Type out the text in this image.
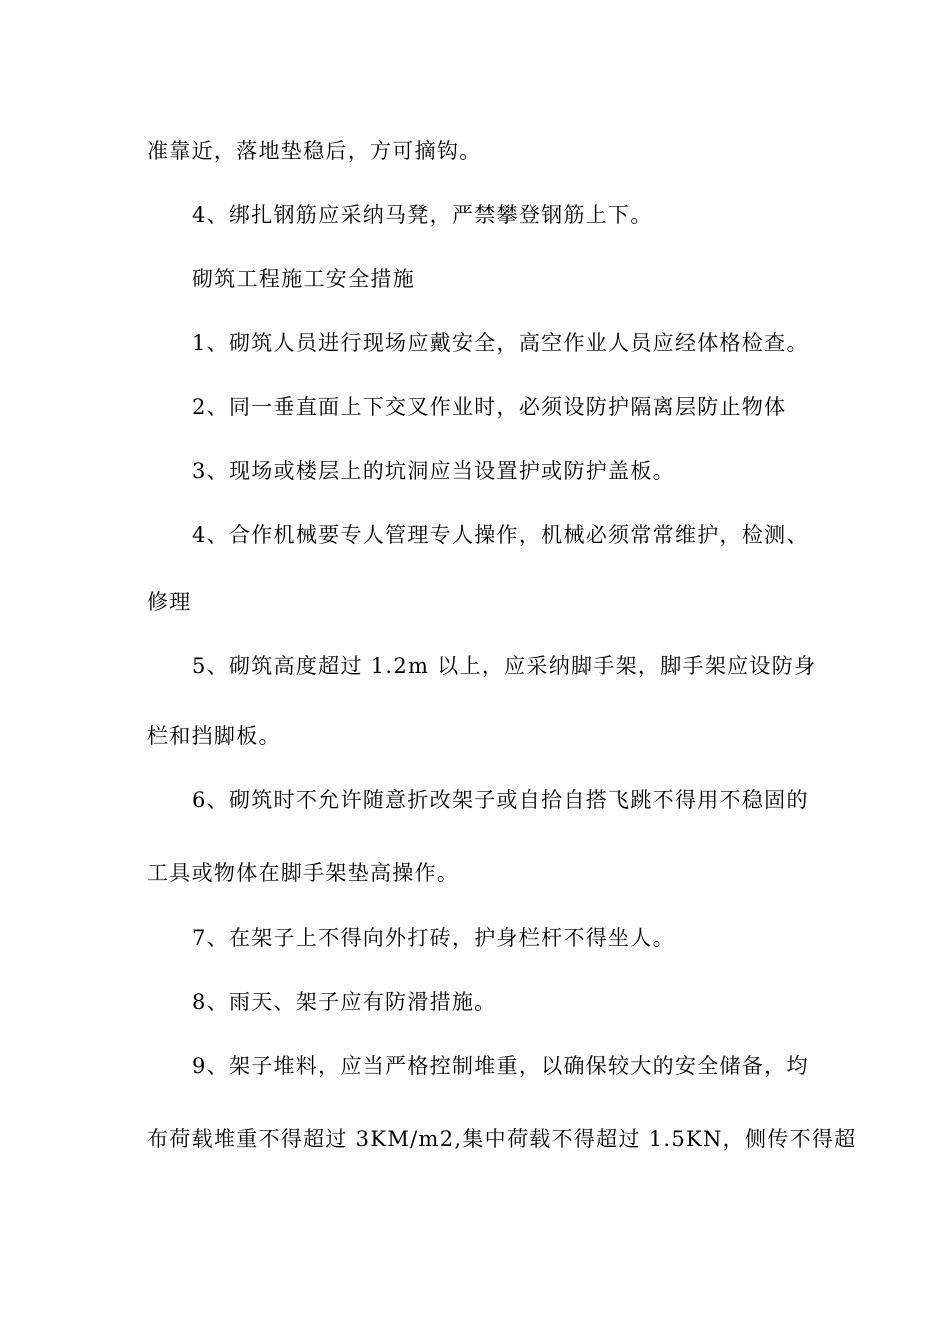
准靠近，落地垫稳后，方可摘钩。
4、绑扎钢筋应采纳马凳，严禁攀登钢筋上下。
砌筑工程施工安全措施
1、砌筑人员进行现场应戴安全，高空作业人员应经体格检查。
2、同一垂直面上下交叉作业时，必须设防护隔离层防止物体
3、现场或楼层上的坑洞应当设置护或防护盖板。
4、合作机械要专人管理专人操作，机械必须常常维护，检测、
修理
5、砌筑高度超过 1.2m 以上，应采纳脚手架，脚手架应设防身
栏和挡脚板。
6、砌筑时不允许随意折改架子或自拾自搭飞跳不得用不稳固的
工具或物体在脚手架垫高操作。
7、在架子上不得向外打砖，护身栏杆不得坐人。
8、雨天、架子应有防滑措施。
9、架子堆料，应当严格控制堆重，以确保较大的安全储备，均
布荷载堆重不得超过 3KM/m2,集中荷载不得超过 1.5KN，侧传不得超
